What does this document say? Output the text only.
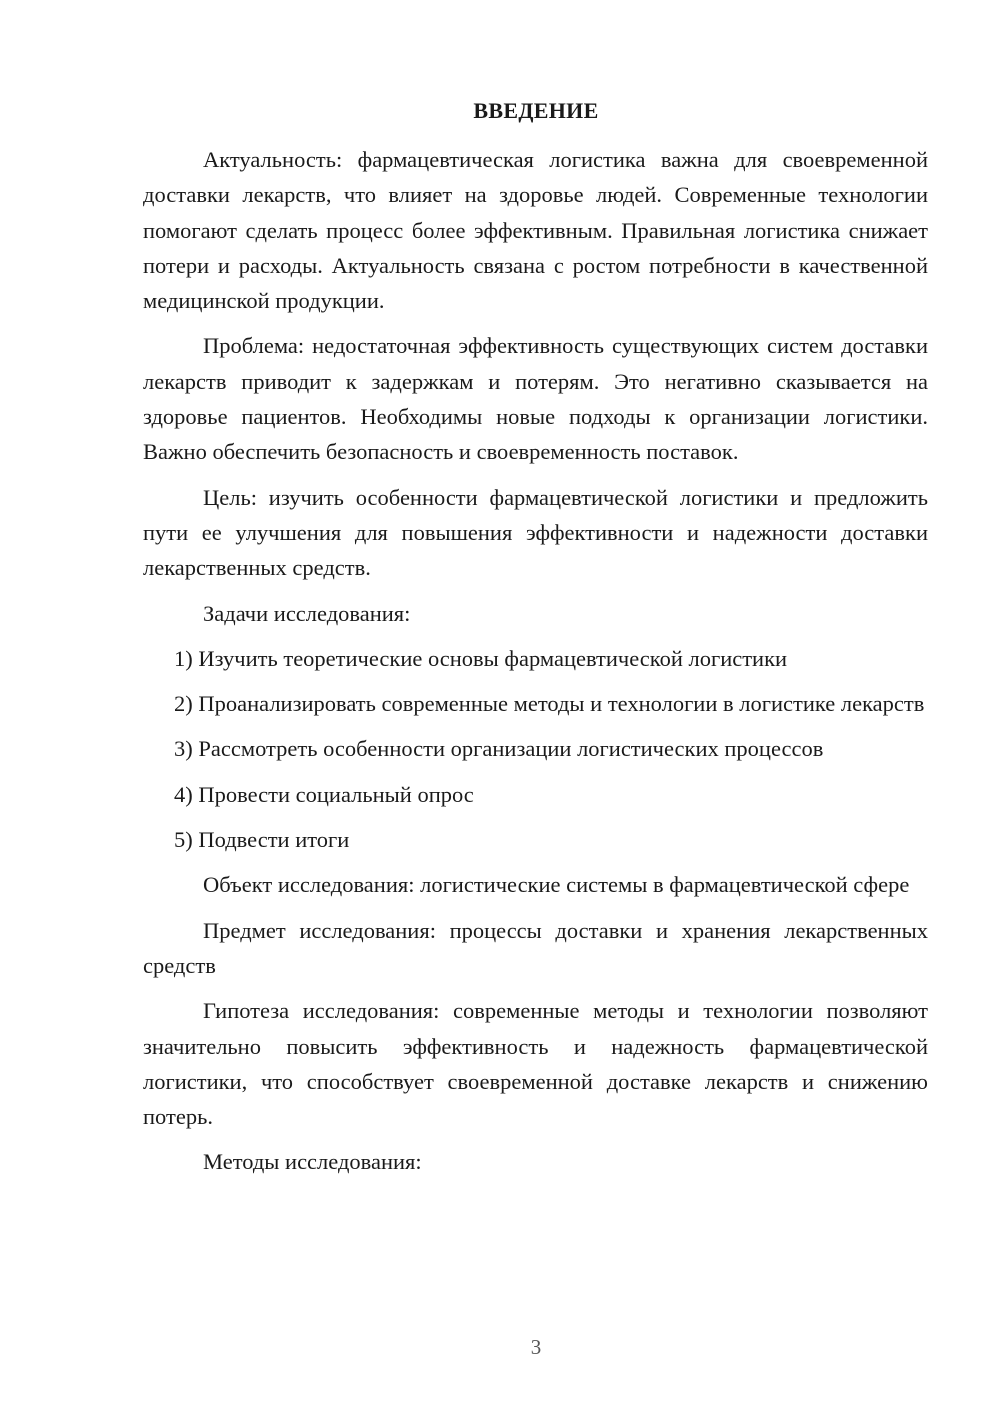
ВВЕДЕНИЕ

Актуальность: фармацевтическая логистика важна для своевременной доставки лекарств, что влияет на здоровье людей. Современные технологии помогают сделать процесс более эффективным. Правильная логистика снижает потери и расходы. Актуальность связана с ростом потребности в качественной медицинской продукции.

Проблема: недостаточная эффективность существующих систем доставки лекарств приводит к задержкам и потерям. Это негативно сказывается на здоровье пациентов. Необходимы новые подходы к организации логистики. Важно обеспечить безопасность и своевременность поставок.

Цель: изучить особенности фармацевтической логистики и предложить пути ее улучшения для повышения эффективности и надежности доставки лекарственных средств.

Задачи исследования:

1) Изучить теоретические основы фармацевтической логистики

2) Проанализировать современные методы и технологии в логистике лекарств

3) Рассмотреть особенности организации логистических процессов

4) Провести социальный опрос

5) Подвести итоги

Объект исследования: логистические системы в фармацевтической сфере

Предмет исследования: процессы доставки и хранения лекарственных средств

Гипотеза исследования: современные методы и технологии позволяют значительно повысить эффективность и надежность фармацевтической логистики, что способствует своевременной доставке лекарств и снижению потерь.

Методы исследования:

3
